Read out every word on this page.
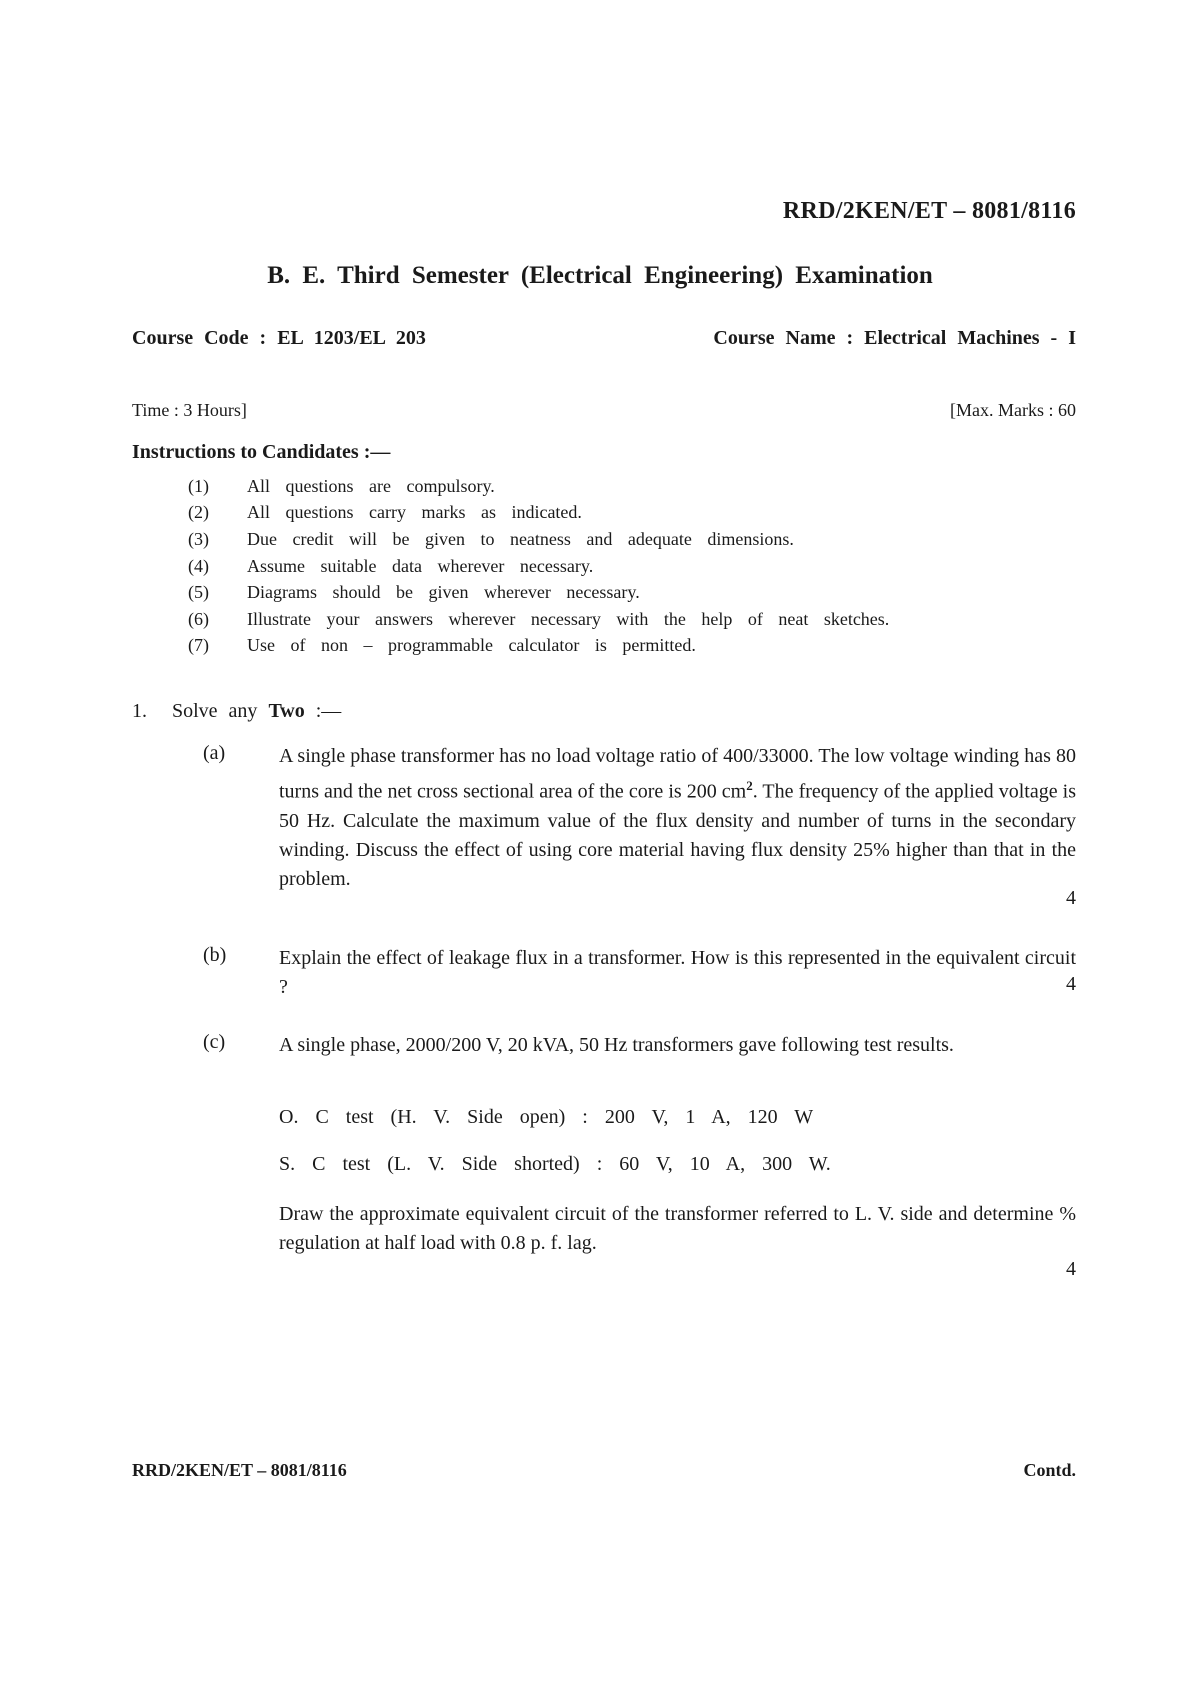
RRD/2KEN/ET – 8081/8116
B. E. Third Semester (Electrical Engineering) Examination
Course Code : EL 1203/EL 203	Course Name : Electrical Machines - I
Time : 3 Hours]	[Max. Marks : 60
Instructions to Candidates :—
(1)	All questions are compulsory.
(2)	All questions carry marks as indicated.
(3)	Due credit will be given to neatness and adequate dimensions.
(4)	Assume suitable data wherever necessary.
(5)	Diagrams should be given wherever necessary.
(6)	Illustrate your answers wherever necessary with the help of neat sketches.
(7)	Use of non – programmable calculator is permitted.
1. Solve any Two :—
(a)	A single phase transformer has no load voltage ratio of 400/33000. The low voltage winding has 80 turns and the net cross sectional area of the core is 200 $cm^2$. The frequency of the applied voltage is 50 Hz. Calculate the maximum value of the flux density and number of turns in the secondary winding. Discuss the effect of using core material having flux density 25% higher than that in the problem.
4
(b)	Explain the effect of leakage flux in a transformer. How is this represented in the equivalent circuit ?	4
(c)	A single phase, 2000/200 V, 20 kVA, 50 Hz transformers gave following test results.
O. C test (H. V. Side open) : 200 V, 1 A, 120 W
S. C test (L. V. Side shorted) : 60 V, 10 A, 300 W.
Draw the approximate equivalent circuit of the transformer referred to L. V. side and determine % regulation at half load with 0.8 p. f. lag.
4
RRD/2KEN/ET – 8081/8116	Contd.
